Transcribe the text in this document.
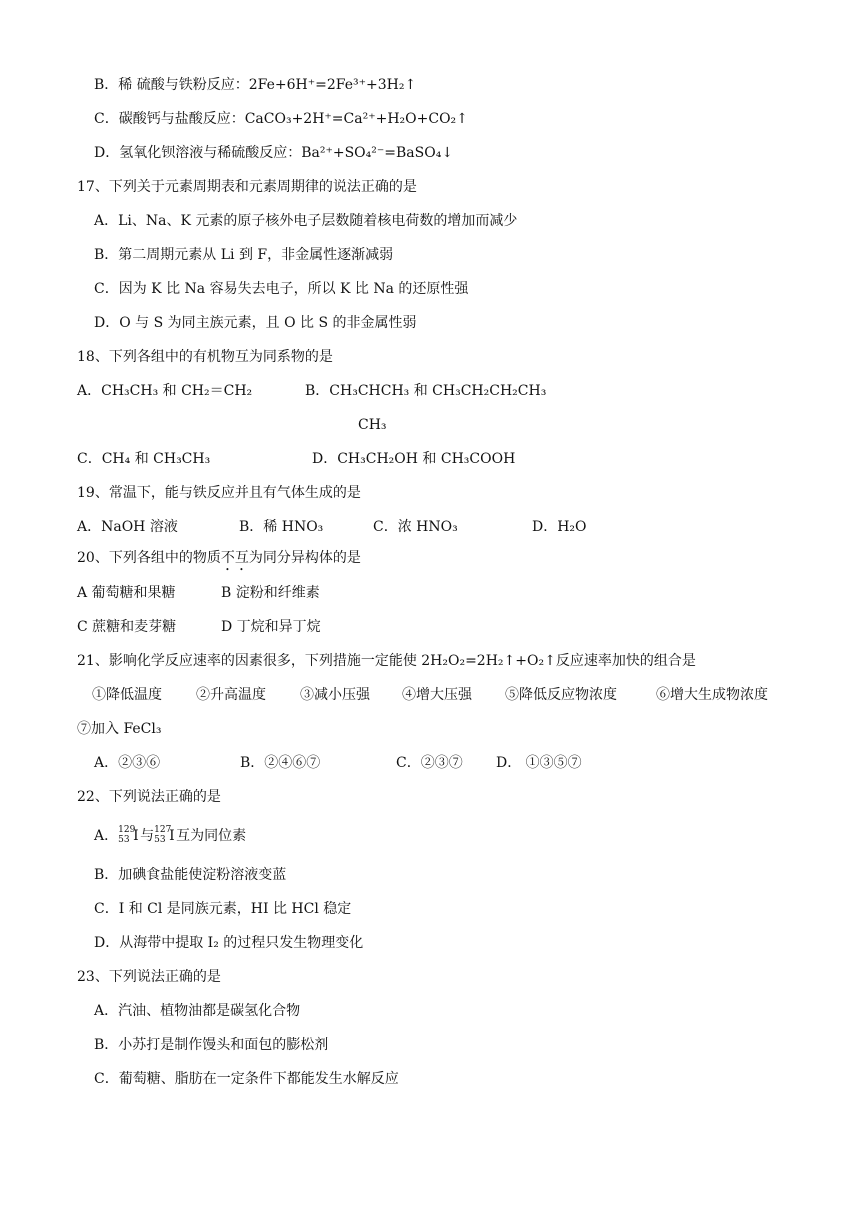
B．稀 硫酸与铁粉反应：2Fe+6H⁺=2Fe³⁺+3H₂↑
C．碳酸钙与盐酸反应：CaCO₃+2H⁺=Ca²⁺+H₂O+CO₂↑
D．氢氧化钡溶液与稀硫酸反应：Ba²⁺+SO₄²⁻=BaSO₄↓
17、下列关于元素周期表和元素周期律的说法正确的是
A．Li、Na、K 元素的原子核外电子层数随着核电荷数的增加而减少
B．第二周期元素从 Li 到 F，非金属性逐渐减弱
C．因为 K 比 Na 容易失去电子，所以 K 比 Na 的还原性强
D．O 与 S 为同主族元素，且 O 比 S 的非金属性弱
18、下列各组中的有机物互为同系物的是
A．CH₃CH₃ 和 CH₂＝CH₂	B．CH₃CHCH₃ 和 CH₃CH₂CH₂CH₃
CH₃
C．CH₄ 和 CH₃CH₃	D．CH₃CH₂OH 和 CH₃COOH
19、常温下，能与铁反应并且有气体生成的是
A．NaOH 溶液	B．稀 HNO₃	C．浓 HNO₃	D．H₂O
20、下列各组中的物质不互为同分异构体的是
A 葡萄糖和果糖	B 淀粉和纤维素
C 蔗糖和麦芽糖	D 丁烷和异丁烷
21、影响化学反应速率的因素很多，下列措施一定能使 2H₂O₂=2H₂↑+O₂↑反应速率加快的组合是
①降低温度 ②升高温度 ③减小压强 ④增大压强 ⑤降低反应物浓度	⑥增大生成物浓度
⑦加入 FeCl₃
A．②③⑥	B．②④⑥⑦	C．②③⑦ D． ①③⑤⑦
22、下列说法正确的是
A． 129
53 I 与 127
53 I 互为同位素
B．加碘食盐能使淀粉溶液变蓝
C．I 和 Cl 是同族元素，HI 比 HCl 稳定
D．从海带中提取 I₂ 的过程只发生物理变化
23、下列说法正确的是
A．汽油、植物油都是碳氢化合物
B．小苏打是制作馒头和面包的膨松剂
C．葡萄糖、脂肪在一定条件下都能发生水解反应
